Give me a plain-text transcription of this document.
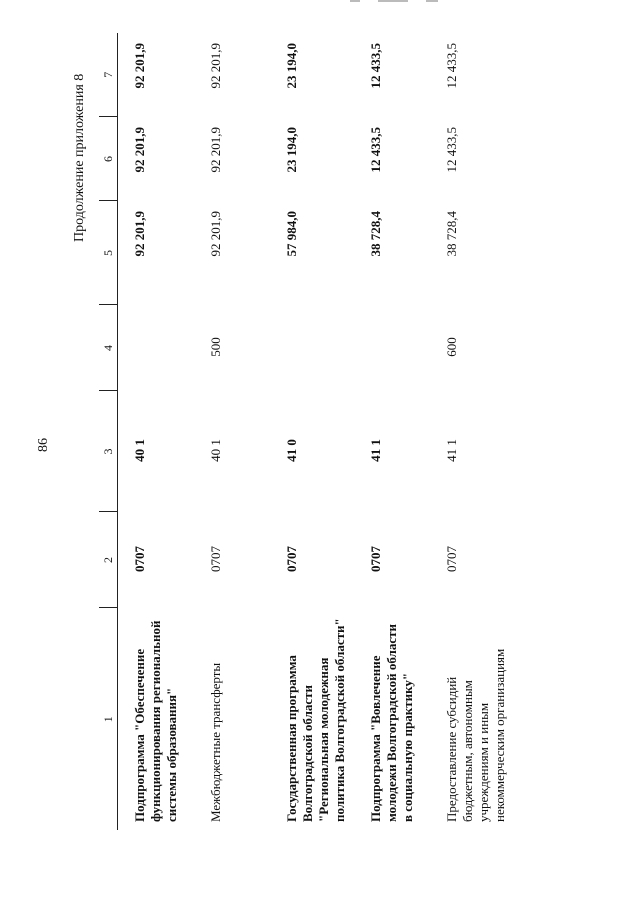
86
Продолжение приложения 8
1	2	3	4	5	6	7
Подпрограмма "Обеспечение функционирования региональной системы образования"	0707	40 1		92 201,9	92 201,9	92 201,9
Межбюджетные трансферты	0707	40 1	500	92 201,9	92 201,9	92 201,9
Государственная программа Волгоградской области "Региональная молодежная политика Волгоградской области"	0707	41 0		57 984,0	23 194,0	23 194,0
Подпрограмма "Вовлечение молодежи Волгоградской области в социальную практику"	0707	41 1		38 728,4	12 433,5	12 433,5
Предоставление субсидий бюджетным, автономным учреждениям и иным некоммерческим организациям	0707	41 1	600	38 728,4	12 433,5	12 433,5
